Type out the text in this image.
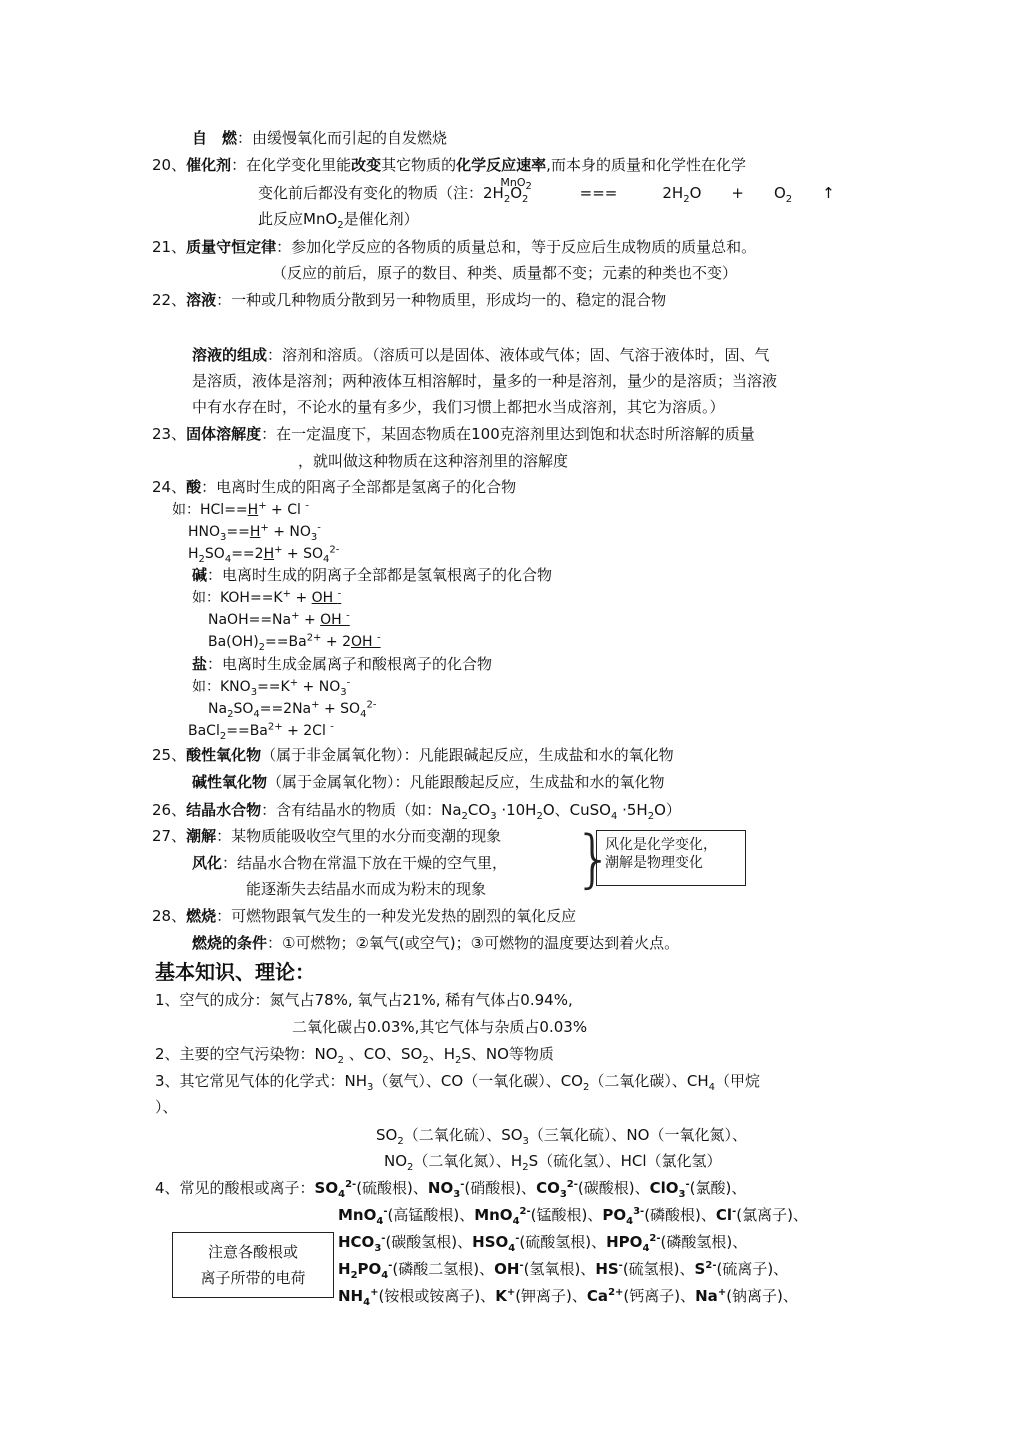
自　燃：由缓慢氧化而引起的自发燃烧
20、催化剂：在化学变化里能改变其它物质的化学反应速率,而本身的质量和化学性在化学
变化前后都没有变化的物质（注：$2H_2O_2^{MnO_2}$　 ===　　　$2H_2O$　　+　　$O_2$　　↑
此反应MnO$_2$是催化剂）
21、质量守恒定律：参加化学反应的各物质的质量总和，等于反应后生成物质的质量总和。
（反应的前后，原子的数目、种类、质量都不变；元素的种类也不变）
22、溶液：一种或几种物质分散到另一种物质里，形成均一的、稳定的混合物
溶液的组成：溶剂和溶质。（溶质可以是固体、液体或气体；固、气溶于液体时，固、气
是溶质，液体是溶剂；两种液体互相溶解时，量多的一种是溶剂，量少的是溶质；当溶液
中有水存在时，不论水的量有多少，我们习惯上都把水当成溶剂，其它为溶质。）
23、固体溶解度：在一定温度下，某固态物质在100克溶剂里达到饱和状态时所溶解的质量
，就叫做这种物质在这种溶剂里的溶解度
24、酸：电离时生成的阳离子全部都是氢离子的化合物
如：HCl==H+ + Cl -
$HNO_3==H^+ + NO_3^-$
$H_2SO_4==2H^+ + SO_4^{2-}$
碱：电离时生成的阴离子全部都是氢氧根离子的化合物
如：KOH==K+ + OH -
NaOH==Na+ + OH -
$Ba(OH)_2==Ba^{2+} + 2OH$ -
盐：电离时生成金属离子和酸根离子的化合物
如：$KNO_3==K^+ + NO_3^-$
$Na_2SO_4==2Na^+ + SO_4^{2-}$
$BaCl_2==Ba^{2+} + 2Cl$ -
25、酸性氧化物（属于非金属氧化物）：凡能跟碱起反应，生成盐和水的氧化物
碱性氧化物（属于金属氧化物）：凡能跟酸起反应，生成盐和水的氧化物
26、结晶水合物：含有结晶水的物质（如：$Na_2CO_3 \cdot 10H_2O$、CuSO$_4$ $\cdot 5H_2O$）
27、潮解：某物质能吸收空气里的水分而变潮的现象
风化：结晶水合物在常温下放在干燥的空气里，
能逐渐失去结晶水而成为粉末的现象 }
风化是化学变化，
潮解是物理变化
28、燃烧：可燃物跟氧气发生的一种发光发热的剧烈的氧化反应
燃烧的条件：①可燃物；②氧气(或空气)；③可燃物的温度要达到着火点。
基本知识、理论：
1、空气的成分：氮气占78%, 氧气占21%, 稀有气体占0.94%,
二氧化碳占0.03%,其它气体与杂质占0.03%
2、主要的空气污染物：$NO_2$ 、CO、$SO_2$、$H_2S$、NO等物质
3、其它常见气体的化学式：$NH_3$（氨气）、CO（一氧化碳）、$CO_2$（二氧化碳）、$CH_4$（甲烷
）、
$SO_2$（二氧化硫）、$SO_3$（三氧化硫）、NO（一氧化氮）、
$NO_2$（二氧化氮）、$H_2S$（硫化氢）、HCl（氯化氢）
4、常见的酸根或离子：$SO_4^{2-}$(硫酸根)、$NO_3^-$(硝酸根)、$CO_3^{2-}$(碳酸根)、ClO$_3$-(氯酸)、
MnO$_4$-(高锰酸根)、MnO$_4^{2-}$(锰酸根)、$PO_4^{3-}$(磷酸根)、Cl-(氯离子)、
$HCO_3^-$(碳酸氢根)、$HSO_4^-$(硫酸氢根)、$HPO_4^{2-}$(磷酸氢根)、
$H_2PO_4^-$(磷酸二氢根)、OH-(氢氧根)、HS-(硫氢根)、$S^{2-}$(硫离子)、
$NH_4^+$(铵根或铵离子)、K+(钾离子)、$Ca^{2+}$(钙离子)、Na+(钠离子)、
注意各酸根或
离子所带的电荷
